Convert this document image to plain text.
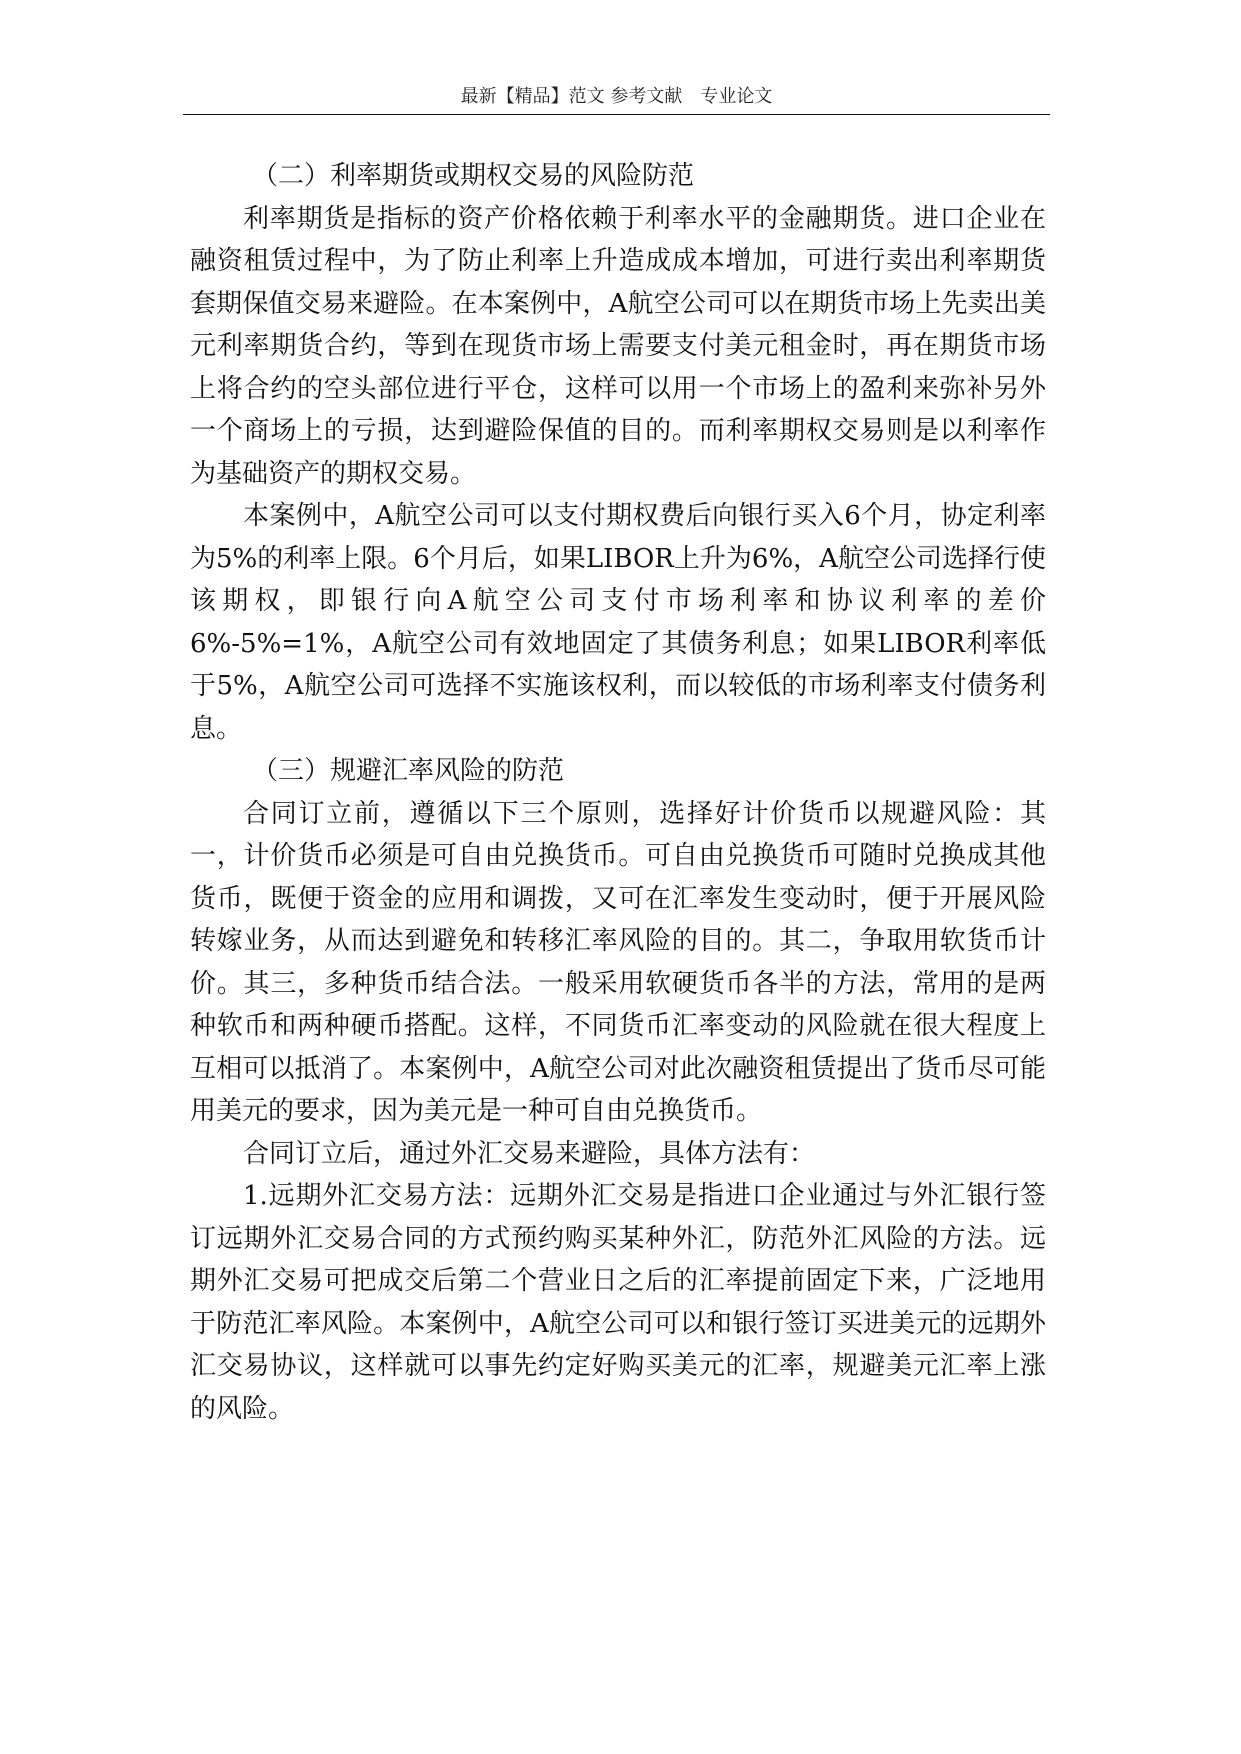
最新【精品】范文 参考文献　专业论文

（二）利率期货或期权交易的风险防范

利率期货是指标的资产价格依赖于利率水平的金融期货。进口企业在融资租赁过程中，为了防止利率上升造成成本增加，可进行卖出利率期货套期保值交易来避险。在本案例中，A航空公司可以在期货市场上先卖出美元利率期货合约，等到在现货市场上需要支付美元租金时，再在期货市场上将合约的空头部位进行平仓，这样可以用一个市场上的盈利来弥补另外一个商场上的亏损，达到避险保值的目的。而利率期权交易则是以利率作为基础资产的期权交易。

本案例中，A航空公司可以支付期权费后向银行买入6个月，协定利率为5%的利率上限。6个月后，如果LIBOR上升为6%，A航空公司选择行使该期权，即银行向A航空公司支付市场利率和协议利率的差价6%-5%=1%，A航空公司有效地固定了其债务利息；如果LIBOR利率低于5%，A航空公司可选择不实施该权利，而以较低的市场利率支付债务利息。

（三）规避汇率风险的防范

合同订立前，遵循以下三个原则，选择好计价货币以规避风险：其一，计价货币必须是可自由兑换货币。可自由兑换货币可随时兑换成其他货币，既便于资金的应用和调拨，又可在汇率发生变动时，便于开展风险转嫁业务，从而达到避免和转移汇率风险的目的。其二，争取用软货币计价。其三，多种货币结合法。一般采用软硬货币各半的方法，常用的是两种软币和两种硬币搭配。这样，不同货币汇率变动的风险就在很大程度上互相可以抵消了。本案例中，A航空公司对此次融资租赁提出了货币尽可能用美元的要求，因为美元是一种可自由兑换货币。

合同订立后，通过外汇交易来避险，具体方法有：

1.远期外汇交易方法：远期外汇交易是指进口企业通过与外汇银行签订远期外汇交易合同的方式预约购买某种外汇，防范外汇风险的方法。远期外汇交易可把成交后第二个营业日之后的汇率提前固定下来，广泛地用于防范汇率风险。本案例中，A航空公司可以和银行签订买进美元的远期外汇交易协议，这样就可以事先约定好购买美元的汇率，规避美元汇率上涨的风险。
